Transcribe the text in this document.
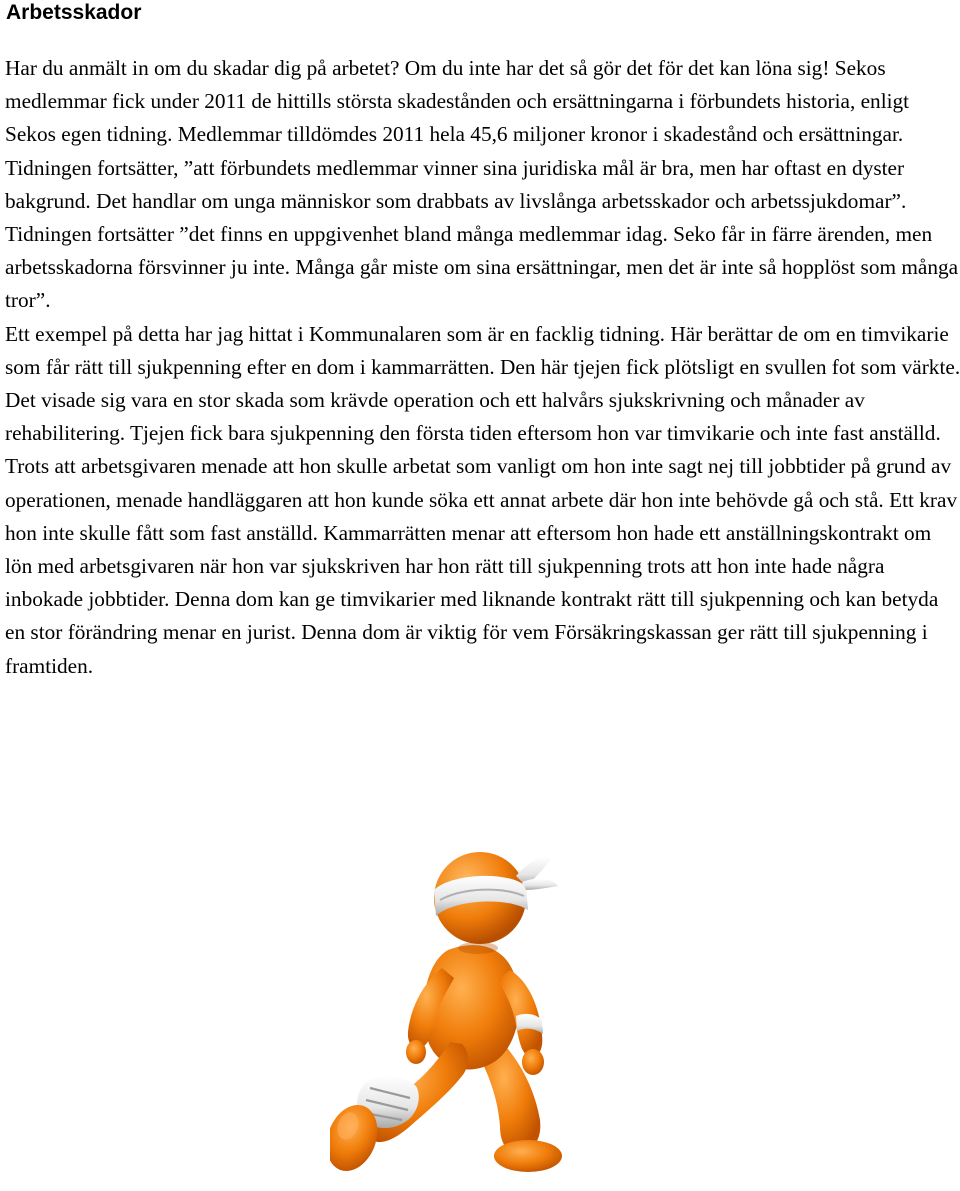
Arbetsskador

Har du anmält in om du skadar dig på arbetet? Om du inte har det så gör det för det kan löna sig! Sekos medlemmar fick under 2011 de hittills största skadestånden och ersättningarna i förbundets historia, enligt Sekos egen tidning. Medlemmar tilldömdes 2011 hela 45,6 miljoner kronor i skadestånd och ersättningar. Tidningen fortsätter, ”att förbundets medlemmar vinner sina juridiska mål är bra, men har oftast en dyster bakgrund. Det handlar om unga människor som drabbats av livslånga arbetsskador och arbetssjukdomar”. Tidningen fortsätter ”det finns en uppgivenhet bland många medlemmar idag. Seko får in färre ärenden, men arbetsskadorna försvinner ju inte. Många går miste om sina ersättningar, men det är inte så hopplöst som många tror”.

Ett exempel på detta har jag hittat i Kommunalaren som är en facklig tidning. Här berättar de om en timvikarie som får rätt till sjukpenning efter en dom i kammarrätten. Den här tjejen fick plötsligt en svullen fot som värkte. Det visade sig vara en stor skada som krävde operation och ett halvårs sjukskrivning och månader av rehabilitering. Tjejen fick bara sjukpenning den första tiden eftersom hon var timvikarie och inte fast anställd. Trots att arbetsgivaren menade att hon skulle arbetat som vanligt om hon inte sagt nej till jobbtider på grund av operationen, menade handläggaren att hon kunde söka ett annat arbete där hon inte behövde gå och stå. Ett krav hon inte skulle fått som fast anställd. Kammarrätten menar att eftersom hon hade ett anställningskontrakt om lön med arbetsgivaren när hon var sjukskriven har hon rätt till sjukpenning trots att hon inte hade några inbokade jobbtider. Denna dom kan ge timvikarier med liknande kontrakt rätt till sjukpenning och kan betyda en stor förändring menar en jurist. Denna dom är viktig för vem Försäkringskassan ger rätt till sjukpenning i framtiden.
